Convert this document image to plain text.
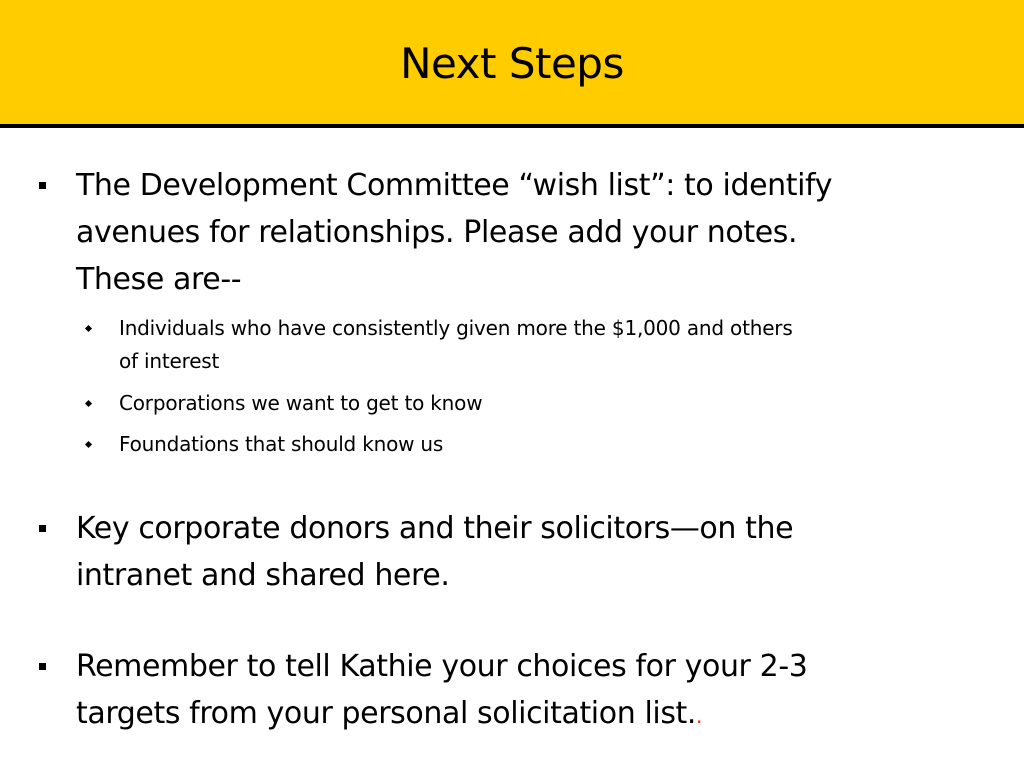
Next Steps
The Development Committee “wish list”: to identify
avenues for relationships. Please add your notes.
These are--
Individuals who have consistently given more the $1,000 and others
of interest
Corporations we want to get to know
Foundations that should know us
Key corporate donors and their solicitors—on the
intranet and shared here.
Remember to tell Kathie your choices for your 2-3
targets from your personal solicitation list..
